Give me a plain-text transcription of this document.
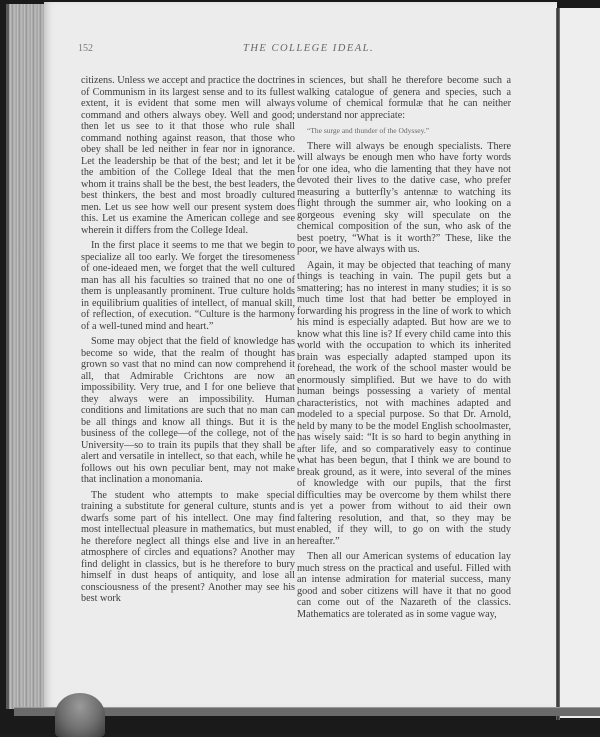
152	THE COLLEGE IDEAL.

citizens. Unless we accept and practice the doctrines of Communism in its largest sense and to its fullest extent, it is evident that some men will always command and others always obey. Well and good; then let us see to it that those who rule shall command nothing against reason, that those who obey shall be led neither in fear nor in ignorance. Let the leadership be that of the best; and let it be the ambition of the College Ideal that the men whom it trains shall be the best, the best leaders, the best thinkers, the best and most broadly cultured men. Let us see how well our present system does this. Let us examine the American college and see wherein it differs from the College Ideal.

In the first place it seems to me that we begin to specialize all too early. We forget the tiresomeness of one-ideaed men, we forget that the well cultured man has all his faculties so trained that no one of them is unpleasantly prominent. True culture holds in equilibrium qualities of intellect, of manual skill, of reflection, of execution. “Culture is the harmony of a well-tuned mind and heart.”

Some may object that the field of knowledge has become so wide, that the realm of thought has grown so vast that no mind can now comprehend it all, that Admirable Crichtons are now an impossibility. Very true, and I for one believe that they always were an impossibility. Human conditions and limitations are such that no man can be all things and know all things. But it is the business of the college—of the college, not of the University—so to train its pupils that they shall be alert and versatile in intellect, so that each, while he follows out his own peculiar bent, may not make that inclination a monomania.

The student who attempts to make special training a substitute for general culture, stunts and dwarfs some part of his intellect. One may find most intellectual pleasure in mathematics, but must he therefore neglect all things else and live in an atmosphere of circles and equations? Another may find delight in classics, but is he therefore to bury himself in dust heaps of antiquity, and lose all consciousness of the present? Another may see his best work

in sciences, but shall he therefore become such a walking catalogue of genera and species, such a volume of chemical formulæ that he can neither understand nor appreciate:

“The surge and thunder of the Odyssey.”

There will always be enough specialists. There will always be enough men who have forty words for one idea, who die lamenting that they have not devoted their lives to the dative case, who prefer measuring a butterfly’s antennæ to watching its flight through the summer air, who looking on a gorgeous evening sky will speculate on the chemical composition of the sun, who ask of the best poetry, “What is it worth?” These, like the poor, we have always with us.

Again, it may be objected that teaching of many things is teaching in vain. The pupil gets but a smattering; has no interest in many studies; it is so much time lost that had better be employed in forwarding his progress in the line of work to which his mind is especially adapted. But how are we to know what this line is? If every child came into this world with the occupation to which its inherited brain was especially adapted stamped upon its forehead, the work of the school master would be enormously simplified. But we have to do with human beings possessing a variety of mental characteristics, not with machines adapted and modeled to a special purpose. So that Dr. Arnold, held by many to be the model English schoolmaster, has wisely said: “It is so hard to begin anything in after life, and so comparatively easy to continue what has been begun, that I think we are bound to break ground, as it were, into several of the mines of knowledge with our pupils, that the first difficulties may be overcome by them whilst there is yet a power from without to aid their own faltering resolution, and that, so they may be enabled, if they will, to go on with the study hereafter.”

Then all our American systems of education lay much stress on the practical and useful. Filled with an intense admiration for material success, many good and sober citizens will have it that no good can come out of the Nazareth of the classics. Mathematics are tolerated as in some vague way,
